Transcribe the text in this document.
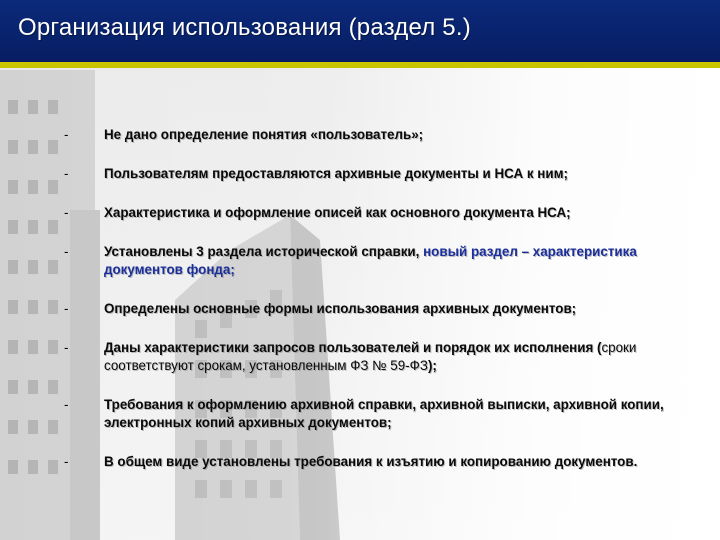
Организация использования (раздел 5.)
-	Не дано определение понятия «пользователь»;
-	Пользователям предоставляются архивные документы и НСА к ним;
-	Характеристика и оформление описей как основного документа НСА;
-	Установлены 3 раздела исторической справки, новый раздел – характеристика документов фонда;
-	Определены основные формы использования архивных документов;
-	Даны характеристики запросов пользователей и порядок их исполнения (сроки соответствуют срокам, установленным ФЗ № 59-ФЗ);
-	Требования к оформлению архивной справки, архивной выписки, архивной копии, электронных копий архивных документов;
-	В общем виде установлены требования к изъятию и копированию документов.
